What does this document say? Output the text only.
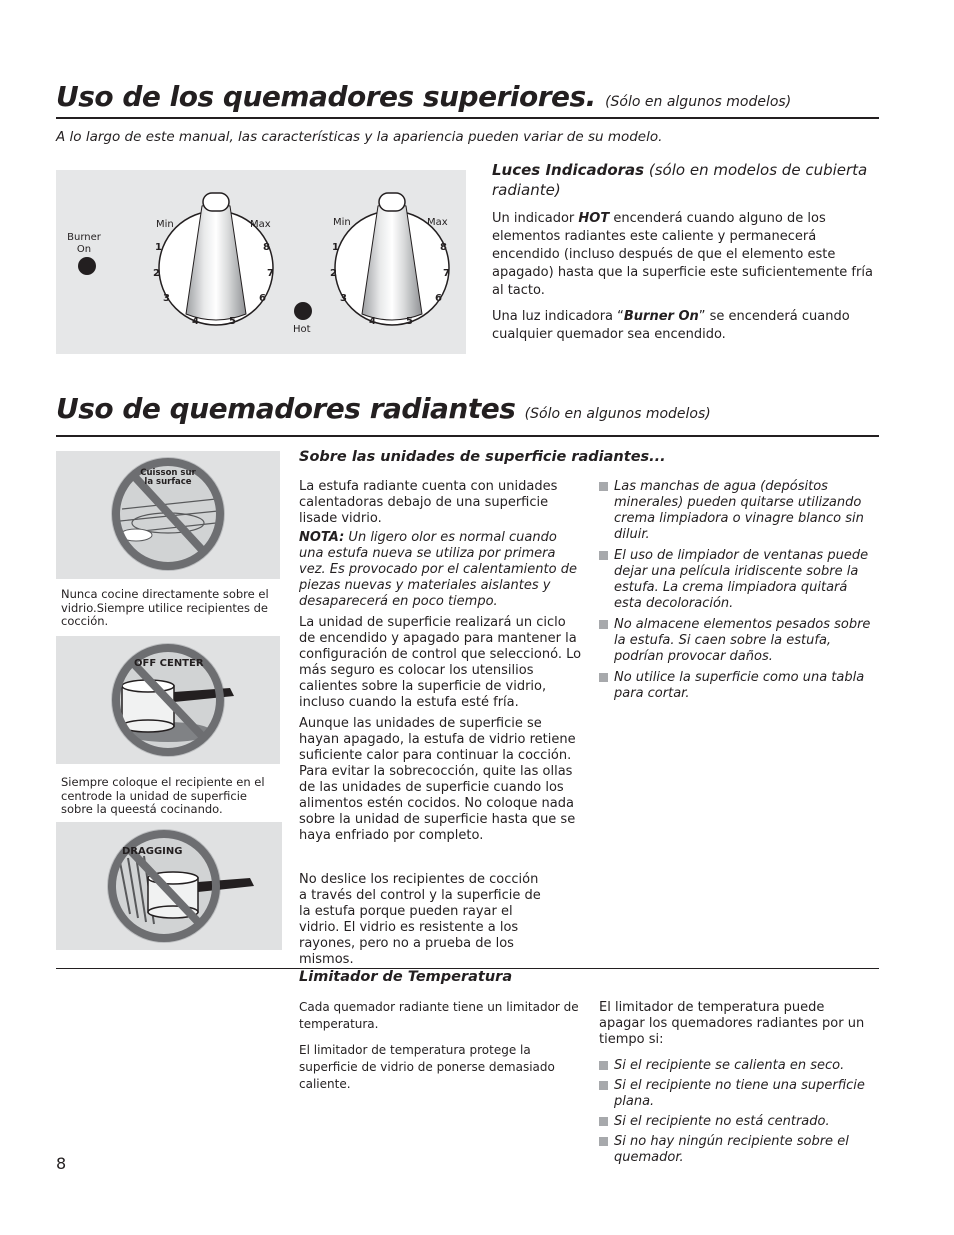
Uso de los quemadores superiores. (Sólo en algunos modelos)
A lo largo de este manual, las características y la apariencia pueden variar de su modelo.
Burner
On
Hot
Min	Max
1
2
3
4	5
6
7
8
Min	Max
1
2
3
4	5
6
7
8
Luces Indicadoras (sólo en modelos de cubierta radiante)

Un indicador HOT encenderá cuando alguno de los elementos radiantes este caliente y permanecerá encendido (incluso después de que el elemento este apagado) hasta que la superficie este suficientemente fría al tacto.

Una luz indicadora “Burner On” se encenderá cuando cualquier quemador sea encendido.

Uso de quemadores radiantes (Sólo en algunos modelos)
Cuisson sur
la surface
Nunca cocine directamente sobre el vidrio.Siempre utilice recipientes de cocción.
OFF CENTER
Siempre coloque el recipiente en el centrode la unidad de superficie sobre la queestá cocinando.
DRAGGING
Sobre las unidades de superficie radiantes...

La estufa radiante cuenta con unidades calentadoras debajo de una superficie lisade vidrio.

NOTA: Un ligero olor es normal cuando una estufa nueva se utiliza por primera vez. Es provocado por el calentamiento de piezas nuevas y materiales aislantes y desaparecerá en poco tiempo.

La unidad de superficie realizará un ciclo de encendido y apagado para mantener la configuración de control que seleccionó. Lo más seguro es colocar los utensilios calientes sobre la superficie de vidrio, incluso cuando la estufa esté fría.

Aunque las unidades de superficie se hayan apagado, la estufa de vidrio retiene suficiente calor para continuar la cocción. Para evitar la sobrecocción, quite las ollas de las unidades de superficie cuando los alimentos estén cocidos. No coloque nada sobre la unidad de superficie hasta que se haya enfriado por completo.

No deslice los recipientes de cocción a través del control y la superficie de la estufa porque pueden rayar el vidrio. El vidrio es resistente a los rayones, pero no a prueba de los mismos.

Las manchas de agua (depósitos minerales) pueden quitarse utilizando crema limpiadora o vinagre blanco sin diluir.

El uso de limpiador de ventanas puede dejar una película iridiscente sobre la estufa. La crema limpiadora quitará esta decoloración.

No almacene elementos pesados sobre la estufa. Si caen sobre la estufa, podrían provocar daños.

No utilice la superficie como una tabla para cortar.

Limitador de Temperatura

Cada quemador radiante tiene un limitador de temperatura.

El limitador de temperatura protege la superficie de vidrio de ponerse demasiado caliente.

El limitador de temperatura puede apagar los quemadores radiantes por un tiempo si:

Si el recipiente se calienta en seco.

Si el recipiente no tiene una superficie plana.

Si el recipiente no está centrado.

Si no hay ningún recipiente sobre el quemador.

8
